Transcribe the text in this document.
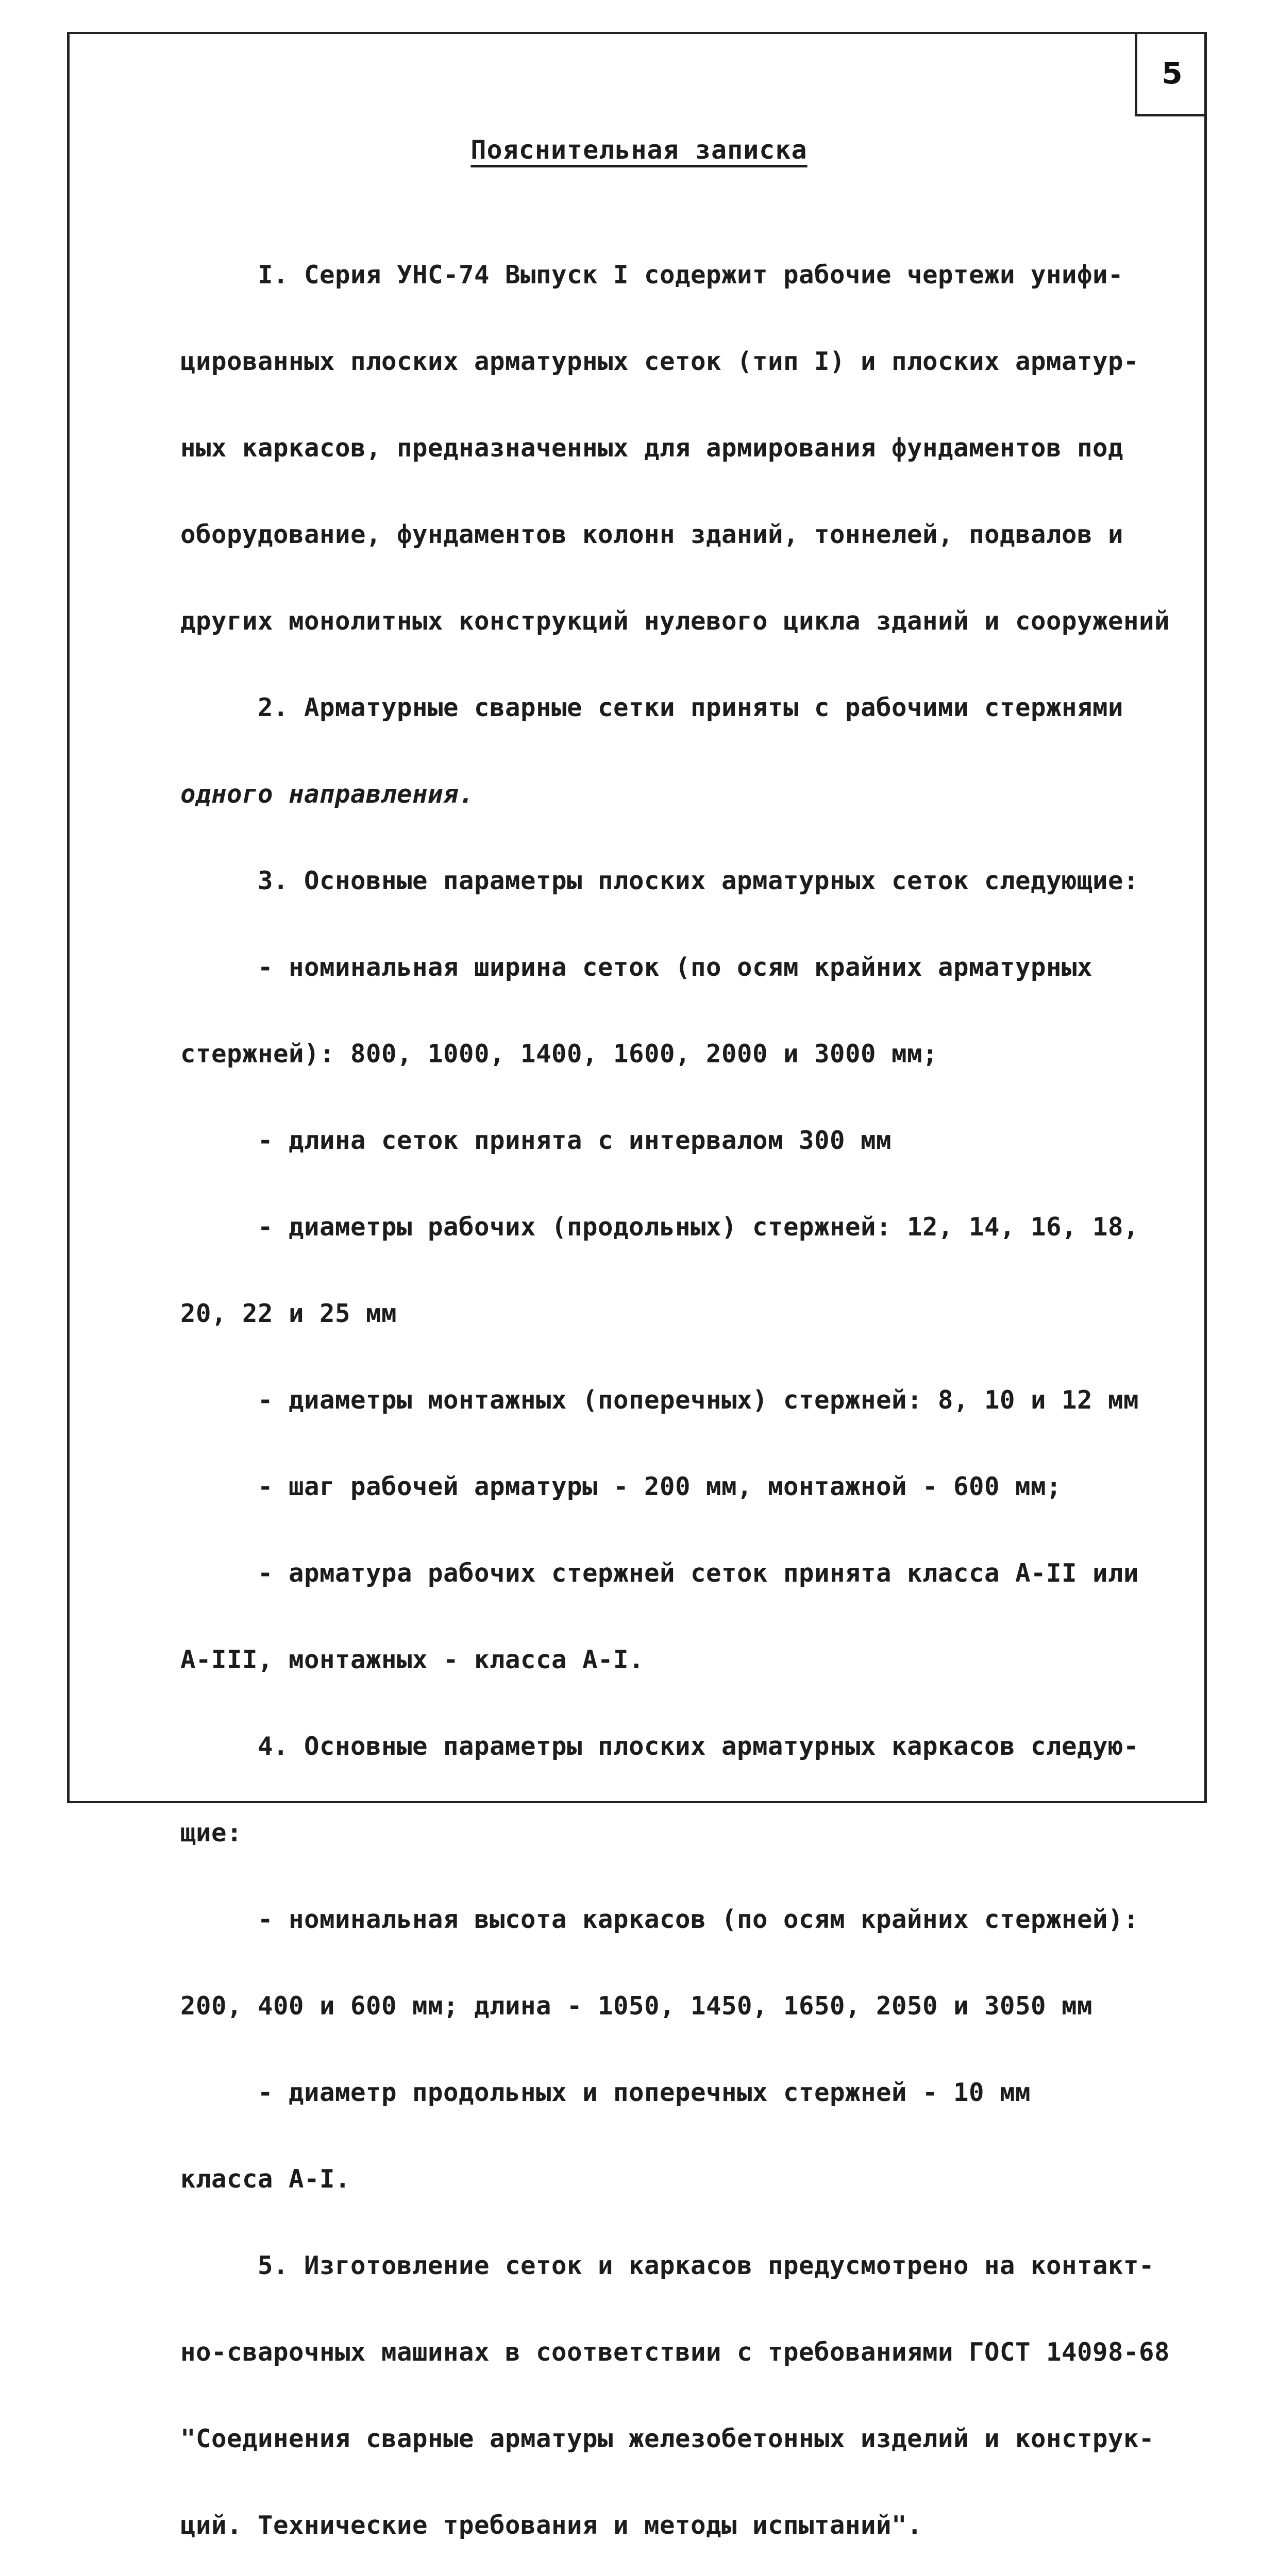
5
Пояснительная записка
I. Серия УНС-74 Выпуск I содержит рабочие чертежи унифи-
цированных плоских арматурных сеток (тип I) и плоских арматур-
ных каркасов, предназначенных для армирования фундаментов под
оборудование, фундаментов колонн зданий, тоннелей, подвалов и
других монолитных конструкций нулевого цикла зданий и сооружений
2. Арматурные сварные сетки приняты с рабочими стержнями
одного направления.
3. Основные параметры плоских арматурных сеток следующие:
- номинальная ширина сеток (по осям крайних арматурных
стержней): 800, 1000, 1400, 1600, 2000 и 3000 мм;
- длина сеток принята с интервалом 300 мм
- диаметры рабочих (продольных) стержней: 12, 14, 16, 18,
20, 22 и 25 мм
- диаметры монтажных (поперечных) стержней: 8, 10 и 12 мм
- шаг рабочей арматуры - 200 мм, монтажной - 600 мм;
- арматура рабочих стержней сеток принята класса А-II или
А-III, монтажных - класса А-I.
4. Основные параметры плоских арматурных каркасов следую-
щие:
- номинальная высота каркасов (по осям крайних стержней):
200, 400 и 600 мм; длина - 1050, 1450, 1650, 2050 и 3050 мм
- диаметр продольных и поперечных стержней - 10 мм
класса А-I.
5. Изготовление сеток и каркасов предусмотрено на контакт-
но-сварочных машинах в соответствии с требованиями ГОСТ 14098-68
"Соединения сварные арматуры железобетонных изделий и конструк-
ций. Технические требования и методы испытаний".
